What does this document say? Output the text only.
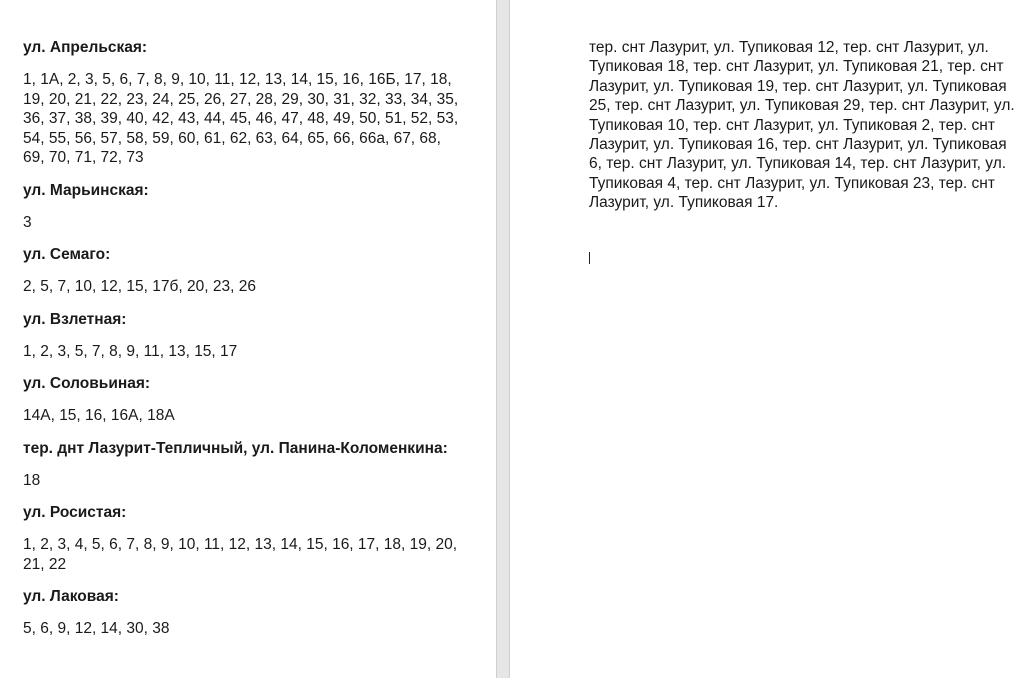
ул. Апрельская:

1, 1А, 2, 3, 5, 6, 7, 8, 9, 10, 11, 12, 13, 14, 15, 16, 16Б, 17, 18, 19, 20, 21, 22, 23, 24, 25, 26, 27, 28, 29, 30, 31, 32, 33, 34, 35, 36, 37, 38, 39, 40, 42, 43, 44, 45, 46, 47, 48, 49, 50, 51, 52, 53, 54, 55, 56, 57, 58, 59, 60, 61, 62, 63, 64, 65, 66, 66а, 67, 68, 69, 70, 71, 72, 73

ул. Марьинская:

3

ул. Семаго:

2, 5, 7, 10, 12, 15, 17б, 20, 23, 26

ул. Взлетная:

1, 2, 3, 5, 7, 8, 9, 11, 13, 15, 17

ул. Соловьиная:

14А, 15, 16, 16А, 18А

тер. днт Лазурит-Тепличный, ул. Панина-Коломенкина:

18

ул. Росистая:

1, 2, 3, 4, 5, 6, 7, 8, 9, 10, 11, 12, 13, 14, 15, 16, 17, 18, 19, 20, 21, 22

ул. Лаковая:

5, 6, 9, 12, 14, 30, 38

тер. снт Лазурит, ул. Тупиковая 12, тер. снт Лазурит, ул. Тупиковая 18, тер. снт Лазурит, ул. Тупиковая 21, тер. снт Лазурит, ул. Тупиковая 19, тер. снт Лазурит, ул. Тупиковая 25, тер. снт Лазурит, ул. Тупиковая 29, тер. снт Лазурит, ул. Тупиковая 10, тер. снт Лазурит, ул. Тупиковая 2, тер. снт Лазурит, ул. Тупиковая 16, тер. снт Лазурит, ул. Тупиковая 6, тер. снт Лазурит, ул. Тупиковая 14, тер. снт Лазурит, ул. Тупиковая 4, тер. снт Лазурит, ул. Тупиковая 23, тер. снт Лазурит, ул. Тупиковая 17.
